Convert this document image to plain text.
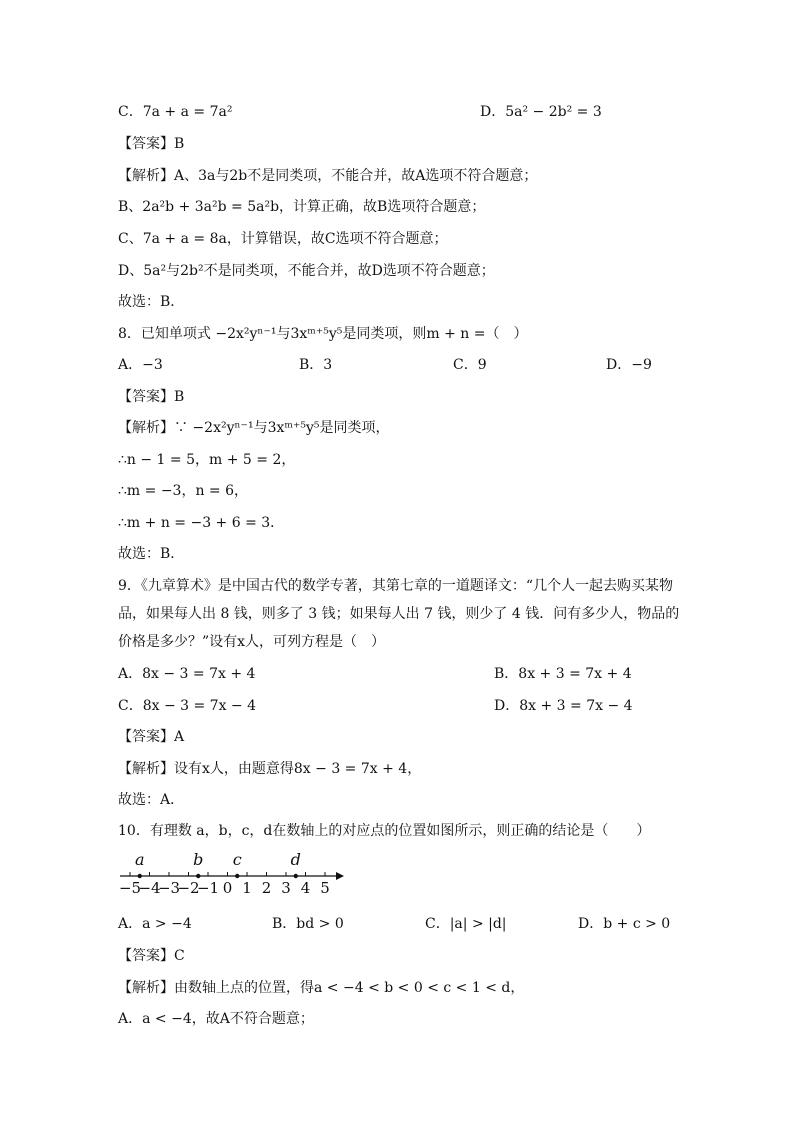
C．7a + a = 7a²	D．5a² − 2b² = 3
【答案】B
【解析】A、3a与2b不是同类项，不能合并，故A选项不符合题意；
B、2a²b + 3a²b = 5a²b，计算正确，故B选项符合题意；
C、7a + a = 8a，计算错误，故C选项不符合题意；
D、5a²与2b²不是同类项，不能合并，故D选项不符合题意；
故选：B．
8．已知单项式 −2x²yⁿ⁻¹与3xᵐ⁺⁵y⁵是同类项，则m + n =（　）
A．−3	B．3	C．9	D．−9
【答案】B
【解析】∵ −2x²yⁿ⁻¹与3xᵐ⁺⁵y⁵是同类项，
∴n − 1 = 5，m + 5 = 2，
∴m = −3，n = 6，
∴m + n = −3 + 6 = 3．
故选：B．
9．《九章算术》是中国古代的数学专著，其第七章的一道题译文：“几个人一起去购买某物
品，如果每人出 8 钱，则多了 3 钱；如果每人出 7 钱，则少了 4 钱．问有多少人，物品的
价格是多少？”设有x人，可列方程是（　）
A．8x − 3 = 7x + 4	B．8x + 3 = 7x + 4
C．8x − 3 = 7x − 4	D．8x + 3 = 7x − 4
【答案】A
【解析】设有x人，由题意得8x − 3 = 7x + 4，
故选：A．
10．有理数 a，b，c，d在数轴上的对应点的位置如图所示，则正确的结论是（　　）
−5
−4
−3
−2
−1 0 1 2 3 4 5
a	b c	d
A．a > −4	B．bd > 0	C．|a| > |d|	D．b + c > 0
【答案】C
【解析】由数轴上点的位置，得a < −4 < b < 0 < c < 1 < d，
A．a < −4，故A不符合题意；
